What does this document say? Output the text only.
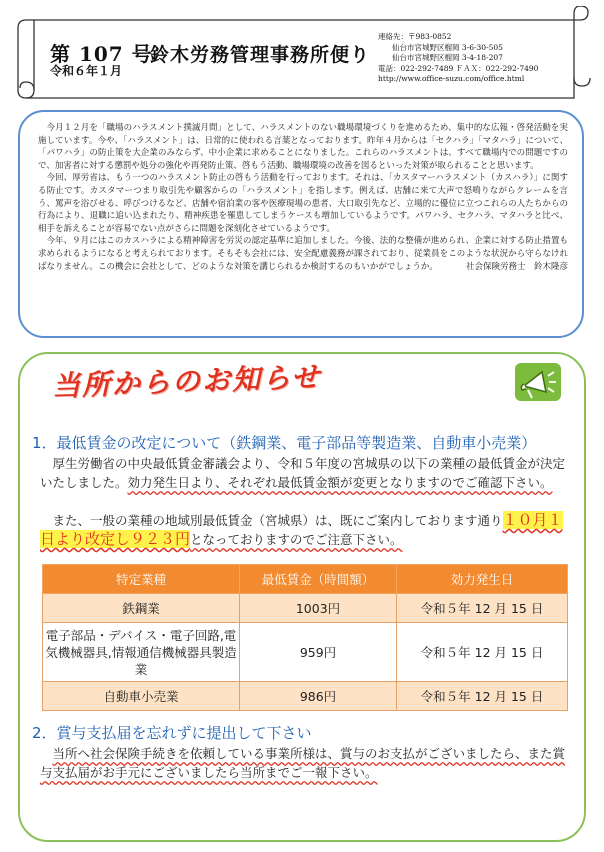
第 107 号
令和６年１月
鈴木労務管理事務所便り
連絡先：〒983-0852
仙台市宮城野区榴岡 3-6-30-505
仙台市宮城野区榴岡 3-4-18-207
電話：022-292-7489 ＦＡＸ：022-292-7490
http://www.office-suzu.com/office.html

今月１２月を「職場のハラスメント撲滅月間」として、ハラスメントのない職場環境づくりを進めるため、集中的な広報・啓発活動を実施しています。今や、「ハラスメント」は、日常的に使われる言葉となっております。昨年４月からは「セクハラ」「マタハラ」について、「パワハラ」の防止策を大企業のみならず、中小企業に求めることになりました。これらのハラスメントは、すべて職場内での問題ですので、加害者に対する懲罰や処分の強化や再発防止策、啓もう活動、職場環境の改善を図るといった対策が取られることと思います。

今回、厚労省は、もう一つのハラスメント防止の啓もう活動を行っております。それは、「カスタマーハラスメント（カスハラ）」に関する防止です。カスタマーつまり取引先や顧客からの「ハラスメント」を指します。例えば、店舗に来て大声で怒鳴りながらクレームを言う、罵声を浴びせる、呼びつけるなど、店舗や宿泊業の客や医療現場の患者、大口取引先など、立場的に優位に立つこれらの人たちからの行為により、退職に追い込まれたり、精神疾患を罹患してしまうケースも増加しているようです。パワハラ、セクハラ、マタハラと比べ、相手を訴えることが容易でない点がさらに問題を深刻化させているようです。

今年、９月にはこのカスハラによる精神障害を労災の認定基準に追加しました。今後、法的な整備が進められ、企業に対する防止措置も求められるようになると考えられております。そもそも会社には、安全配慮義務が課されており、従業員をこのような状況から守らなければなりません。この機会に会社として、どのような対策を講じられるか検討するのもいかがでしょうか。	社会保険労務士　鈴木隆彦
当所からのお知らせ
1．最低賃金の改定について（鉄鋼業、電子部品等製造業、自動車小売業）
厚生労働省の中央最低賃金審議会より、令和５年度の宮城県の以下の業種の最低賃金が決定いたしました。効力発生日より、それぞれ最低賃金額が変更となりますのでご確認下さい。
また、一般の業種の地域別最低賃金（宮城県）は、既にご案内しております通り１０月１日より改定し９２３円となっておりますのでご注意下さい。
特定業種	最低賃金（時間額）	効力発生日
鉄鋼業	1003円	令和５年 12 月 15 日
電子部品・デバイス・電子回路,電気機械器具,情報通信機械器具製造業	959円	令和５年 12 月 15 日
自動車小売業	986円	令和５年 12 月 15 日
2．賞与支払届を忘れずに提出して下さい
当所へ社会保険手続きを依頼している事業所様は、賞与のお支払がございましたら、また賞与支払届がお手元にございましたら当所までご一報下さい。
